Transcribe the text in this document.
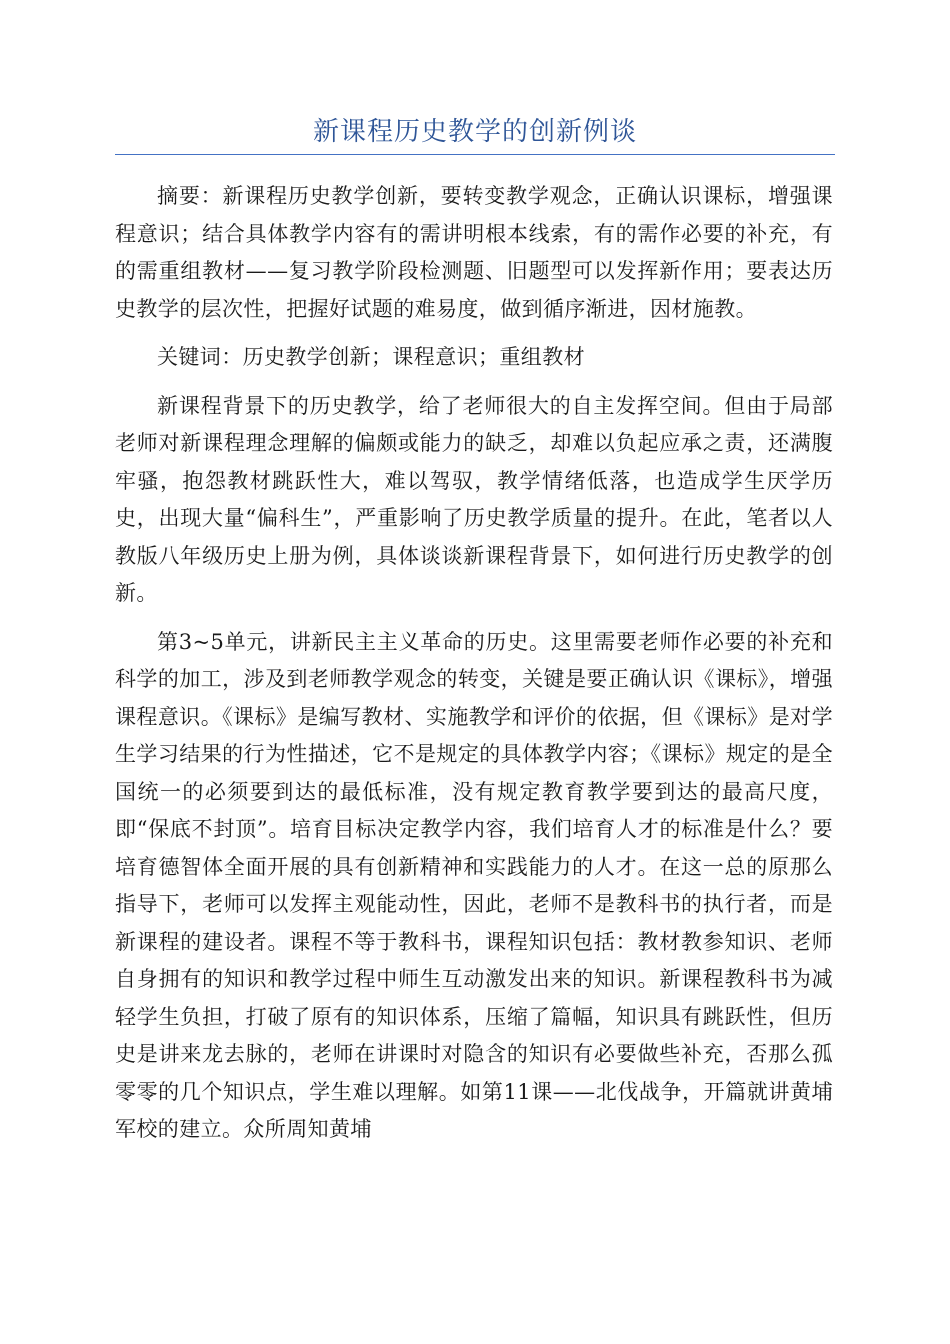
新课程历史教学的创新例谈

摘要：新课程历史教学创新，要转变教学观念，正确认识课标，增强课程意识；结合具体教学内容有的需讲明根本线索，有的需作必要的补充，有的需重组教材——复习教学阶段检测题、旧题型可以发挥新作用；要表达历史教学的层次性，把握好试题的难易度，做到循序渐进，因材施教。

关键词：历史教学创新；课程意识；重组教材

新课程背景下的历史教学，给了老师很大的自主发挥空间。但由于局部老师对新课程理念理解的偏颇或能力的缺乏，却难以负起应承之责，还满腹牢骚，抱怨教材跳跃性大，难以驾驭，教学情绪低落，也造成学生厌学历史，出现大量“偏科生”，严重影响了历史教学质量的提升。在此，笔者以人教版八年级历史上册为例，具体谈谈新课程背景下，如何进行历史教学的创新。

第3~5单元，讲新民主主义革命的历史。这里需要老师作必要的补充和科学的加工，涉及到老师教学观念的转变，关键是要正确认识《课标》，增强课程意识。《课标》是编写教材、实施教学和评价的依据，但《课标》是对学生学习结果的行为性描述，它不是规定的具体教学内容；《课标》规定的是全国统一的必须要到达的最低标准，没有规定教育教学要到达的最高尺度，即“保底不封顶”。培育目标决定教学内容，我们培育人才的标准是什么？要培育德智体全面开展的具有创新精神和实践能力的人才。在这一总的原那么指导下，老师可以发挥主观能动性，因此，老师不是教科书的执行者，而是新课程的建设者。课程不等于教科书，课程知识包括：教材教参知识、老师自身拥有的知识和教学过程中师生互动激发出来的知识。新课程教科书为减轻学生负担，打破了原有的知识体系，压缩了篇幅，知识具有跳跃性，但历史是讲来龙去脉的，老师在讲课时对隐含的知识有必要做些补充，否那么孤零零的几个知识点，学生难以理解。如第11课——北伐战争，开篇就讲黄埔军校的建立。众所周知黄埔
